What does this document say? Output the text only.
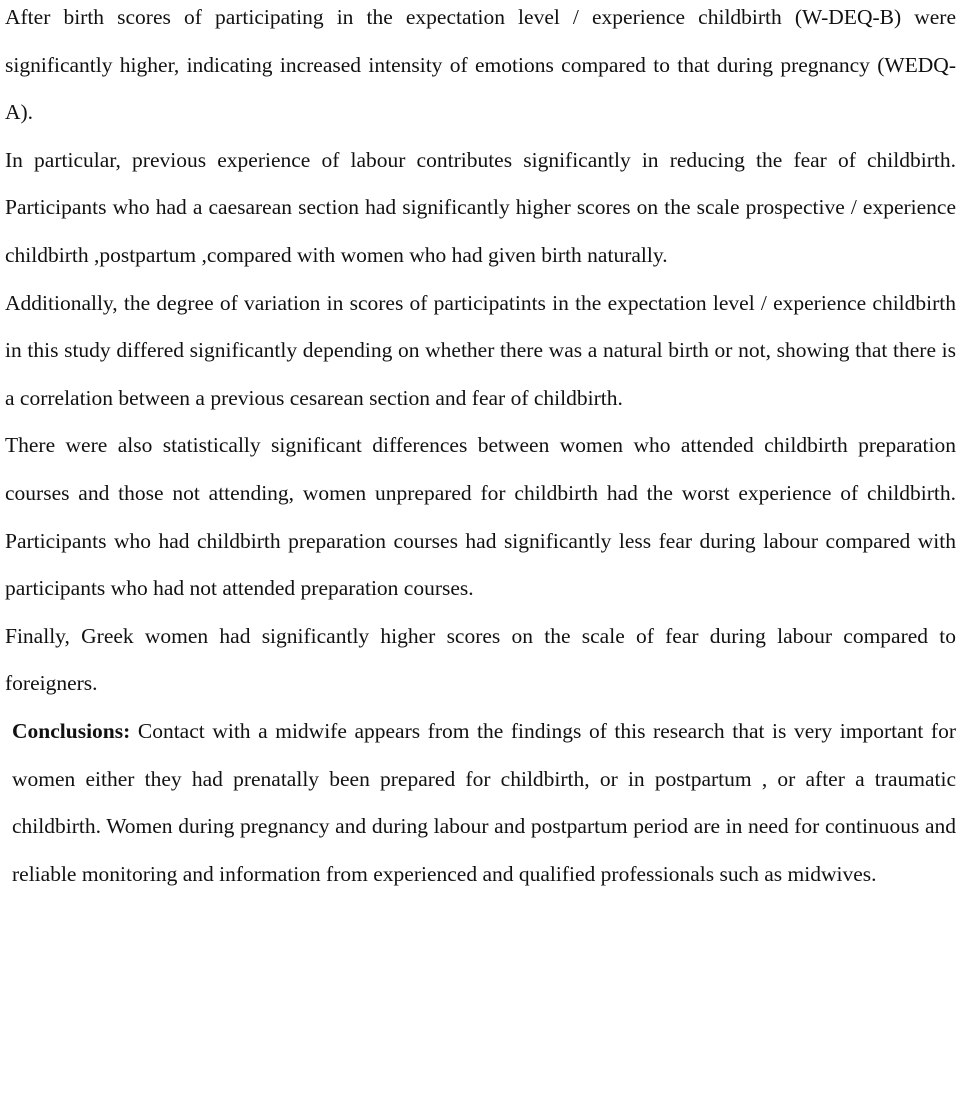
After birth scores of participating in the expectation level / experience childbirth (W-DEQ-B) were significantly higher, indicating increased intensity of emotions compared to that during pregnancy (WEDQ-A).

In particular, previous experience of labour contributes significantly in reducing the fear of childbirth. Participants who had a caesarean section had significantly higher scores on the scale prospective / experience childbirth ,postpartum ,compared with women who had given birth naturally.

Additionally, the degree of variation in scores of participatints in the expectation level / experience childbirth in this study differed significantly depending on whether there was a natural birth or not, showing that there is a correlation between a previous cesarean section and fear of childbirth.

There were also statistically significant differences between women who attended childbirth preparation courses and those not attending, women unprepared for childbirth had the worst experience of childbirth. Participants who had childbirth preparation courses had significantly less fear during labour compared with participants who had not attended preparation courses.

Finally, Greek women had significantly higher scores on the scale of fear during labour compared to foreigners.

Conclusions: Contact with a midwife appears from the findings of this research that is very important for women either they had prenatally been prepared for childbirth, or in postpartum , or after a traumatic childbirth. Women during pregnancy and during labour and postpartum period are in need for continuous and reliable monitoring and information from experienced and qualified professionals such as midwives.
